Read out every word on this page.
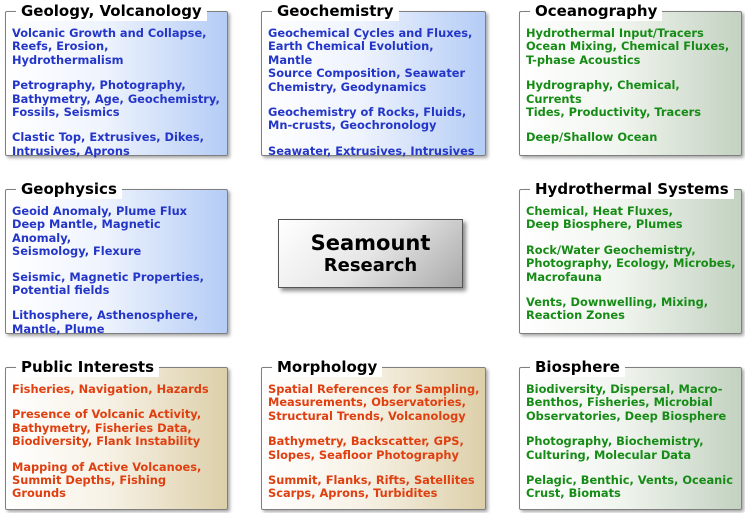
Geology, Volcanology
Volcanic Growth and Collapse,
Reefs, Erosion, Hydrothermalism
Petrography, Photography,
Bathymetry, Age, Geochemistry,
Fossils, Seismics
Clastic Top, Extrusives, Dikes,
Intrusives, Aprons
Geochemistry
Geochemical Cycles and Fluxes,
Earth Chemical Evolution, Mantle
Source Composition, Seawater
Chemistry, Geodynamics
Geochemistry of Rocks, Fluids,
Mn-crusts, Geochronology
Seawater, Extrusives, Intrusives
Oceanography
Hydrothermal Input/Tracers
Ocean Mixing, Chemical Fluxes,
T-phase Acoustics
Hydrography, Chemical, Currents
Tides, Productivity, Tracers
Deep/Shallow Ocean
Geophysics
Geoid Anomaly, Plume Flux
Deep Mantle, Magnetic Anomaly,
Seismology, Flexure
Seismic, Magnetic Properties,
Potential fields
Lithosphere, Asthenosphere,
Mantle, Plume
Seamount
Research
Hydrothermal Systems
Chemical, Heat Fluxes,
Deep Biosphere, Plumes
Rock/Water Geochemistry,
Photography, Ecology, Microbes,
Macrofauna
Vents, Downwelling, Mixing,
Reaction Zones
Public Interests
Fisheries, Navigation, Hazards
Presence of Volcanic Activity,
Bathymetry, Fisheries Data,
Biodiversity, Flank Instability
Mapping of Active Volcanoes,
Summit Depths, Fishing Grounds
Morphology
Spatial References for Sampling,
Measurements, Observatories,
Structural Trends, Volcanology
Bathymetry, Backscatter, GPS,
Slopes, Seafloor Photography
Summit, Flanks, Rifts, Satellites
Scarps, Aprons, Turbidites
Biosphere
Biodiversity, Dispersal, Macro-
Benthos, Fisheries, Microbial
Observatories, Deep Biosphere
Photography, Biochemistry,
Culturing, Molecular Data
Pelagic, Benthic, Vents, Oceanic
Crust, Biomats
